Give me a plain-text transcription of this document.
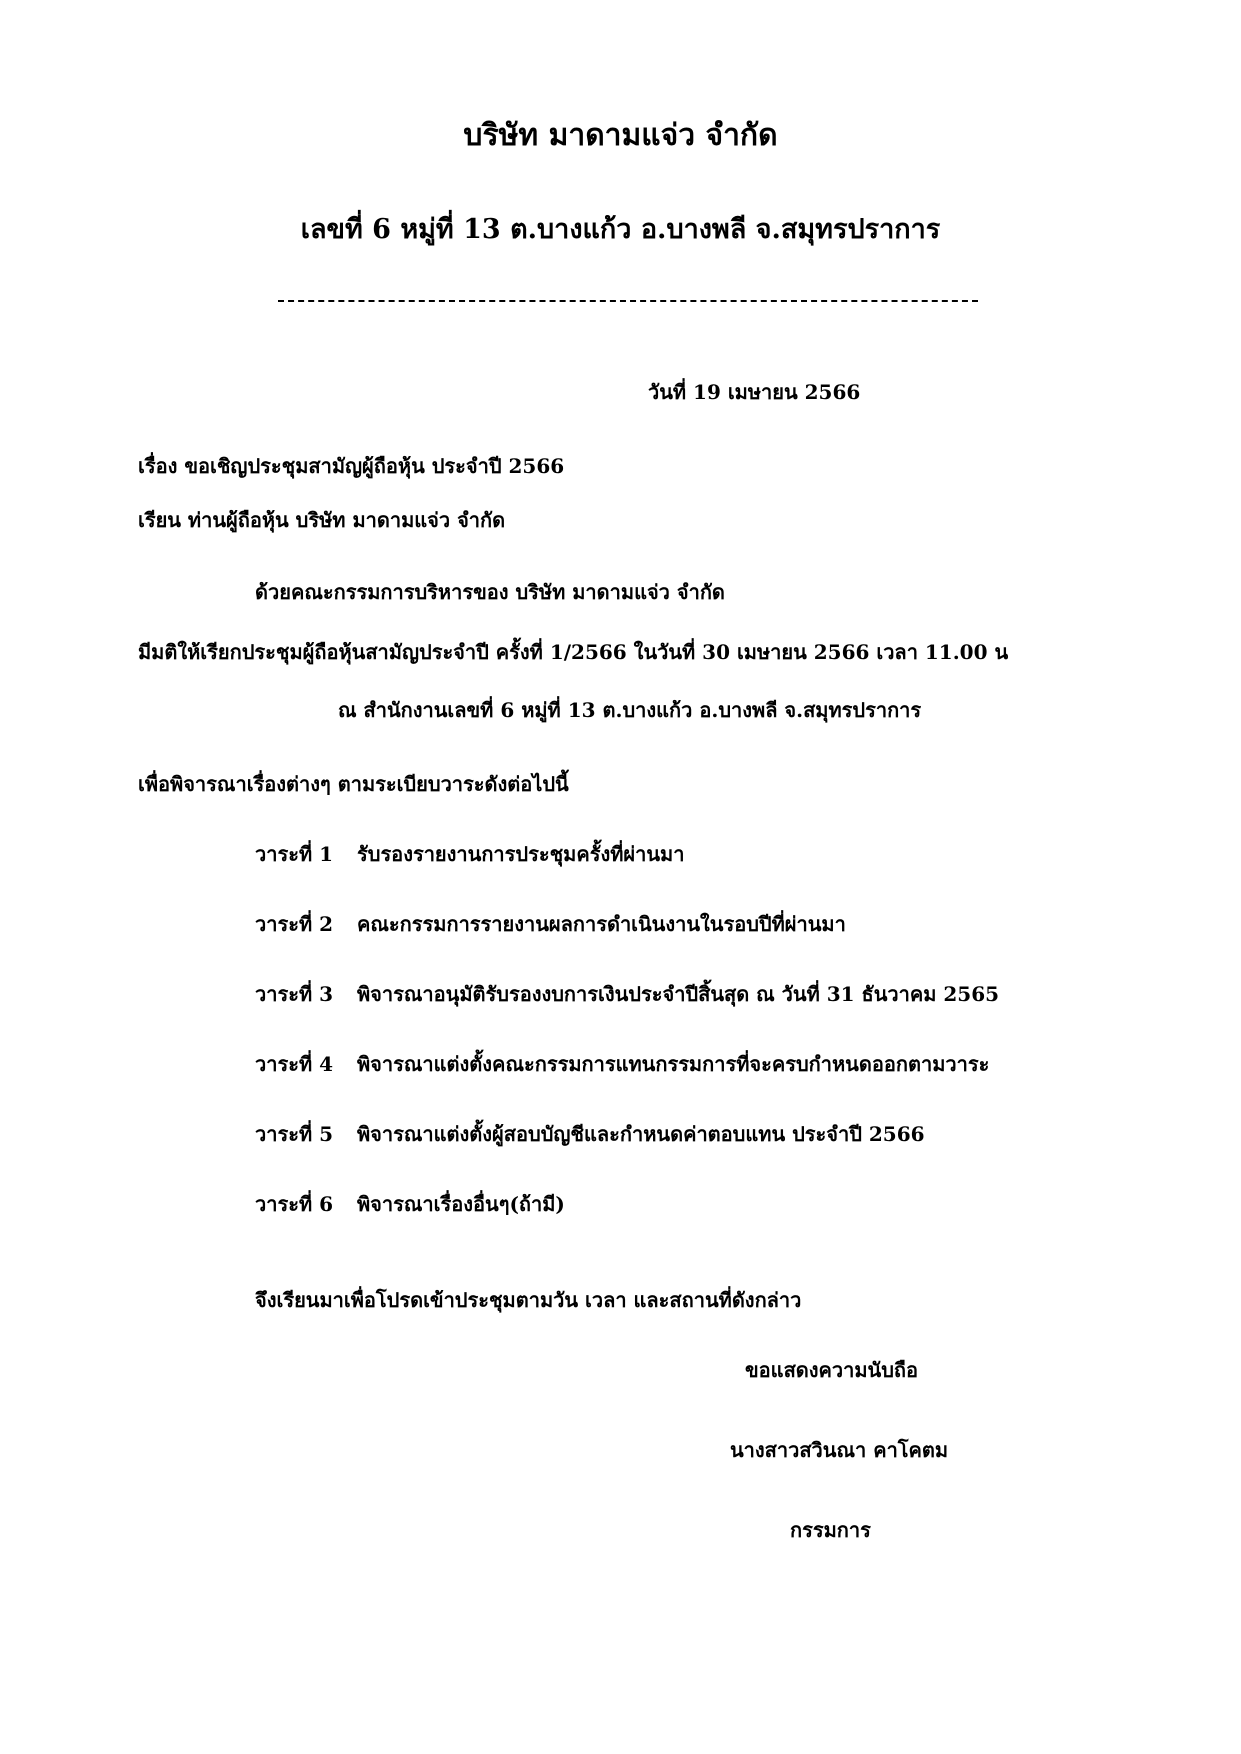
บริษัท มาดามแจ่ว จำกัด
เลขที่ 6 หมู่ที่ 13 ต.บางแก้ว อ.บางพลี จ.สมุทรปราการ
วันที่ 19 เมษายน 2566
เรื่อง ขอเชิญประชุมสามัญผู้ถือหุ้น ประจำปี 2566
เรียน ท่านผู้ถือหุ้น บริษัท มาดามแจ่ว จำกัด
ด้วยคณะกรรมการบริหารของ บริษัท มาดามแจ่ว จำกัด
มีมติให้เรียกประชุมผู้ถือหุ้นสามัญประจำปี ครั้งที่ 1/2566 ในวันที่ 30 เมษายน 2566 เวลา 11.00 น
ณ สำนักงานเลขที่ 6 หมู่ที่ 13 ต.บางแก้ว อ.บางพลี จ.สมุทรปราการ
เพื่อพิจารณาเรื่องต่างๆ ตามระเบียบวาระดังต่อไปนี้
วาระที่ 1 รับรองรายงานการประชุมครั้งที่ผ่านมา
วาระที่ 2 คณะกรรมการรายงานผลการดำเนินงานในรอบปีที่ผ่านมา
วาระที่ 3 พิจารณาอนุมัติรับรองงบการเงินประจำปีสิ้นสุด ณ วันที่ 31 ธันวาคม 2565
วาระที่ 4 พิจารณาแต่งตั้งคณะกรรมการแทนกรรมการที่จะครบกำหนดออกตามวาระ
วาระที่ 5 พิจารณาแต่งตั้งผู้สอบบัญชีและกำหนดค่าตอบแทน ประจำปี 2566
วาระที่ 6 พิจารณาเรื่องอื่นๆ(ถ้ามี)
จึงเรียนมาเพื่อโปรดเข้าประชุมตามวัน เวลา และสถานที่ดังกล่าว
ขอแสดงความนับถือ
นางสาวสวินณา คาโคตม
กรรมการ
